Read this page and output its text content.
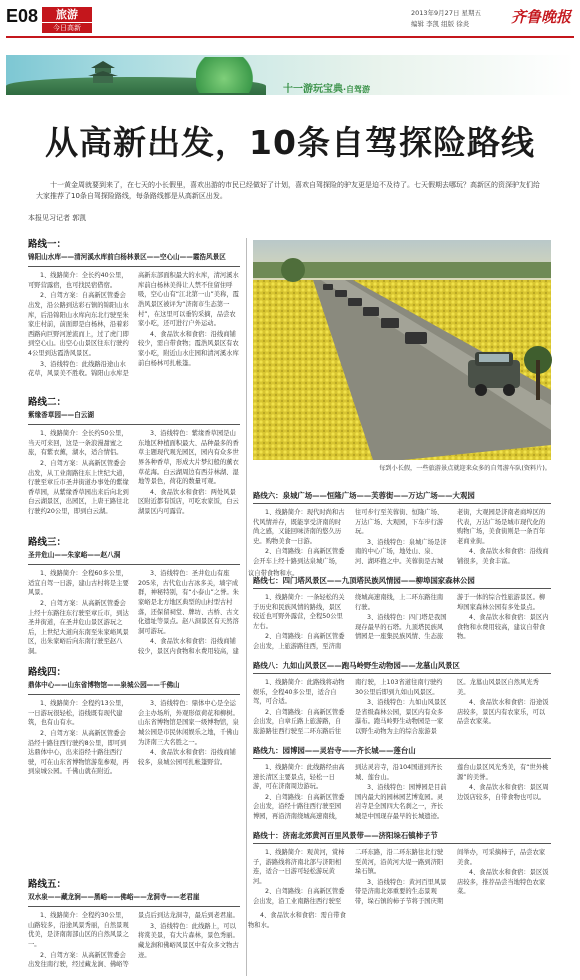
E08	旅游
今日高新
2013年9月27日 星期五
编辑 李凯 组版 徐炎	齐鲁晚报
十一游玩宝典·自驾游
从高新出发，10条自驾探险路线
十一黄金周就要到来了，在七天的小长假里，喜欢出游的市民已经做好了计划，喜欢自驾探险的驴友更是迫不及待了。七天假期去哪玩？高新区的资深驴友们给大家推荐了10条自驾探险路线，每条路线都是从高新区出发。
本报见习记者 郭凯
路线一：
锦阳山水库——清河溪水库前白杨林景区——空心山——霞浩风景区
1、线路简介：全长约40公里，可野营露宿，也可找民宿借宿。
2、自驾方案：自高新区管委会出发，沿公路到达彩石镇的锦阳山水库，后沿锦阳山水库向东北行驶至朱家庄村前，前面即是白杨林，沿着彩西路向巨野河逆流而上，过了虎门即到空心山。出空心山景区往东行驶约4公里到达霞浩风景区。
3、沿线特色：此线路沿途山水花草，风景美不胜收。锦阳山水库是高新东部面积最大的水库，清河溪水库前白杨林美得让人禁不住留住呼吸，空心山有“江北第一山”美称，霞浩风景区被评为“济南市生态第一村”，在这里可以垂钓采摘，品尝农家小吃，还可进行户外运动。
4、食品饮水和食宿：沿线商铺较少，需自带食物；霞浩风景区有农家小吃，附近山水庄园和清河溪水库前白杨林可扎帐篷。
路线二：
紫缘香草园——白云湖
1、线路简介：全长约50公里，当天可来回，这是一条浪漫甜蜜之旅，有紫衣薰，湖水，适合情侣。
2、自驾方案：从高新区管委会出发，从工业南路往东上世纪大道，行驶至章丘市圣井街道办事处的紫缘香草园，从紫缘香草园出来后向北到白云湖景区，出园区，上唐王路往北行驶约20公里，即到白云湖。
3、沿线特色：紫缘香草园是山东地区种植面积最大、品种最多的香草主题现代观光园区，园内有众多世界各种香草，形成大片梦幻般的薰衣草花海。白云湖周边有西芬林湖、湿地等景色，荷花的数量可观。
4、食品饮水和食宿：两处风景区附近都有饭店，可吃农家饭，白云湖景区内可露营。
路线三：
圣井危山——朱家峪——赵八洞
1、线路简介：全程60多公里，适宜自驾一日游，建山古村将是主要风景。
2、自驾方案：从高新区管委会上经十东路往东行驶至章丘市，到达圣井街道，在圣井危山景区游玩之后，上世纪大道向东南至朱家峪风景区，出朱家峪后向东南行驶至赵八洞。
3、沿线特色：圣井危山有座205米，古代危山古冰多关，墙宇成群，神秘特别，有“小泰山”之誉。朱家峪是北方地区典型的山村型古村落，还保留祠堂、牌坊、古桥、古文化遗址等景点。赵八洞景区有天然溶洞可游玩。
4、食品饮水和食宿：沿线商铺较少，景区内食物和水费用较高，建议自带食物和水。
路线四：
鼎体中心——山东省博物馆——泉城公园——千佛山
1、线路简介：全程约13公里，一日游玩很轻松，沿线既有现代建筑，也有山有水。
2、自驾方案：从高新区管委会沿经十路往西行驶约8公里，即可到达鼎体中心，出来沿经十路往西行驶，可在山东省博物馆游览参观，再到泉城公园。千佛山就在附近。
3、沿线特色：鼎体中心是全运会主办场所，外观形似荷花和柳树。山东省博物馆是国家一级博物馆，泉城公园是市民休闲娱乐之地，千佛山为济南三大名胜之一。
4、食品饮水和食宿：沿线商铺较多，泉城公园可扎帐篷野营。
路线五：
双水泉——藏龙涧——黑峪——佛峪——龙洞寺——老君崖
1、线路简介：全程约30公里，山路较多，沿途风景秀丽，自然景观优美，是济南南部山区的自然风景之一。
2、自驾方案：从高新区管委会出发往南行驶，经过藏龙涧、佛峪等景点后到达龙洞寺，最后到老君崖。
3、沿线特色：此线路上，可以将赏美景，有大片森林，景色秀丽。藏龙涧和佛峪风景区中有众多文物古迹。
4、食品饮水和食宿：需自带食物和水。
每到小长假，一些旅游景点就迎来众多的自驾游车队(资料片)。
路线六：泉城广场——恒隆广场——芙蓉街——万达广场——大观园
1、线路简介：现代时尚和古代风情并存，既能享受济南的时尚之感，又能回味济南的悠久历史。购物美食一日游。
2、自驾路线：自高新区管委会开车上经十路到达泉城广场，往可步行至芙蓉街、恒隆广场、万达广场、大观园，下车步行游玩。
3、沿线特色：泉城广场是济南的中心广场，地处山、泉、河、湖环抱之中。芙蓉街是古城老街，大观园是济南老商埠区的代表，万达广场是城市现代化的购物广场，美食街则是一条百年老商业街。
4、食品饮水和食宿：沿线商铺很多，美食丰富。
路线七：四门塔风景区——九顶塔民族风情园——柳埠国家森林公园
1、线路简介：一条轻松的关于历史和民族风情的路线，景区较近也可野外露营，全程50公里左右。
2、自驾路线：自高新区管委会出发，上旅游路往西，至济南绕城高速南线，上二环东路往南行驶。
3、沿线特色：四门塔是我国现存最早的石塔。九顶塔民族风情园是一座集民族风情、生态旅游于一体的综合性旅游景区。柳埠国家森林公园有多处景点。
4、食品饮水和食宿：景区内食物和水费用较高，建议自带食物。
路线八：九如山风景区——跑马岭野生动物园——龙墓山风景区
1、线路简介：此路线将动物娱乐，全程40多公里，适合自驾，可合适。
2、自驾路线：自高新区管委会出发，自章丘路上旅游路，自旅游路往西行驶至二环东路后往南行驶，上103省道往南行驶约30公里后即到九如山风景区。
3、沿线特色：九如山风景区是省级森林公园，景区内有众多瀑布。跑马岭野生动物园是一家以野生动物为主的综合旅游景区。龙墓山风景区自然风光秀美。
4、食品饮水和食宿：沿途饭店较多，景区内有农家乐，可以品尝农家菜。
路线九：园博园——灵岩寺——齐长城——莲台山
1、线路简介：此线路经由高速长清区主要景点，轻松一日游，可在济南周边游玩。
2、自驾路线：自高新区管委会出发，沿经十路往西行驶至园博园，再沿济南绕城高速南线，到达灵岩寺，沿104国道到齐长城、莲台山。
3、沿线特色：园博园是目前国内最大的园林园艺博览园。灵岩寺是全国四大名刹之一，齐长城是中国现存最早的长城遗迹。莲台山景区风光秀美，有“世外桃源”的美誉。
4、食品饮水和食宿：景区周边饭店较多，自带食物也可以。
路线十：济南北郊黄河百里风景带——济阳垛石镇柿子节
1、线路简介：观黄河，赏柿子，游路线将济南北部与济阳相连，适合一日游可轻松游玩黄河。
2、自驾路线：自高新区管委会出发，沿工业南路往西行驶至二环东路，沿二环东路往北行驶至黄河，沿黄河大堤一路到济阳垛石镇。
3、沿线特色：黄河百里风景带是济南北郊重要的生态景观带，垛石镇的柿子节将于国庆期间举办，可采摘柿子，品尝农家美食。
4、食品饮水和食宿：景区饭店较多，推荐品尝当地特色农家菜。
